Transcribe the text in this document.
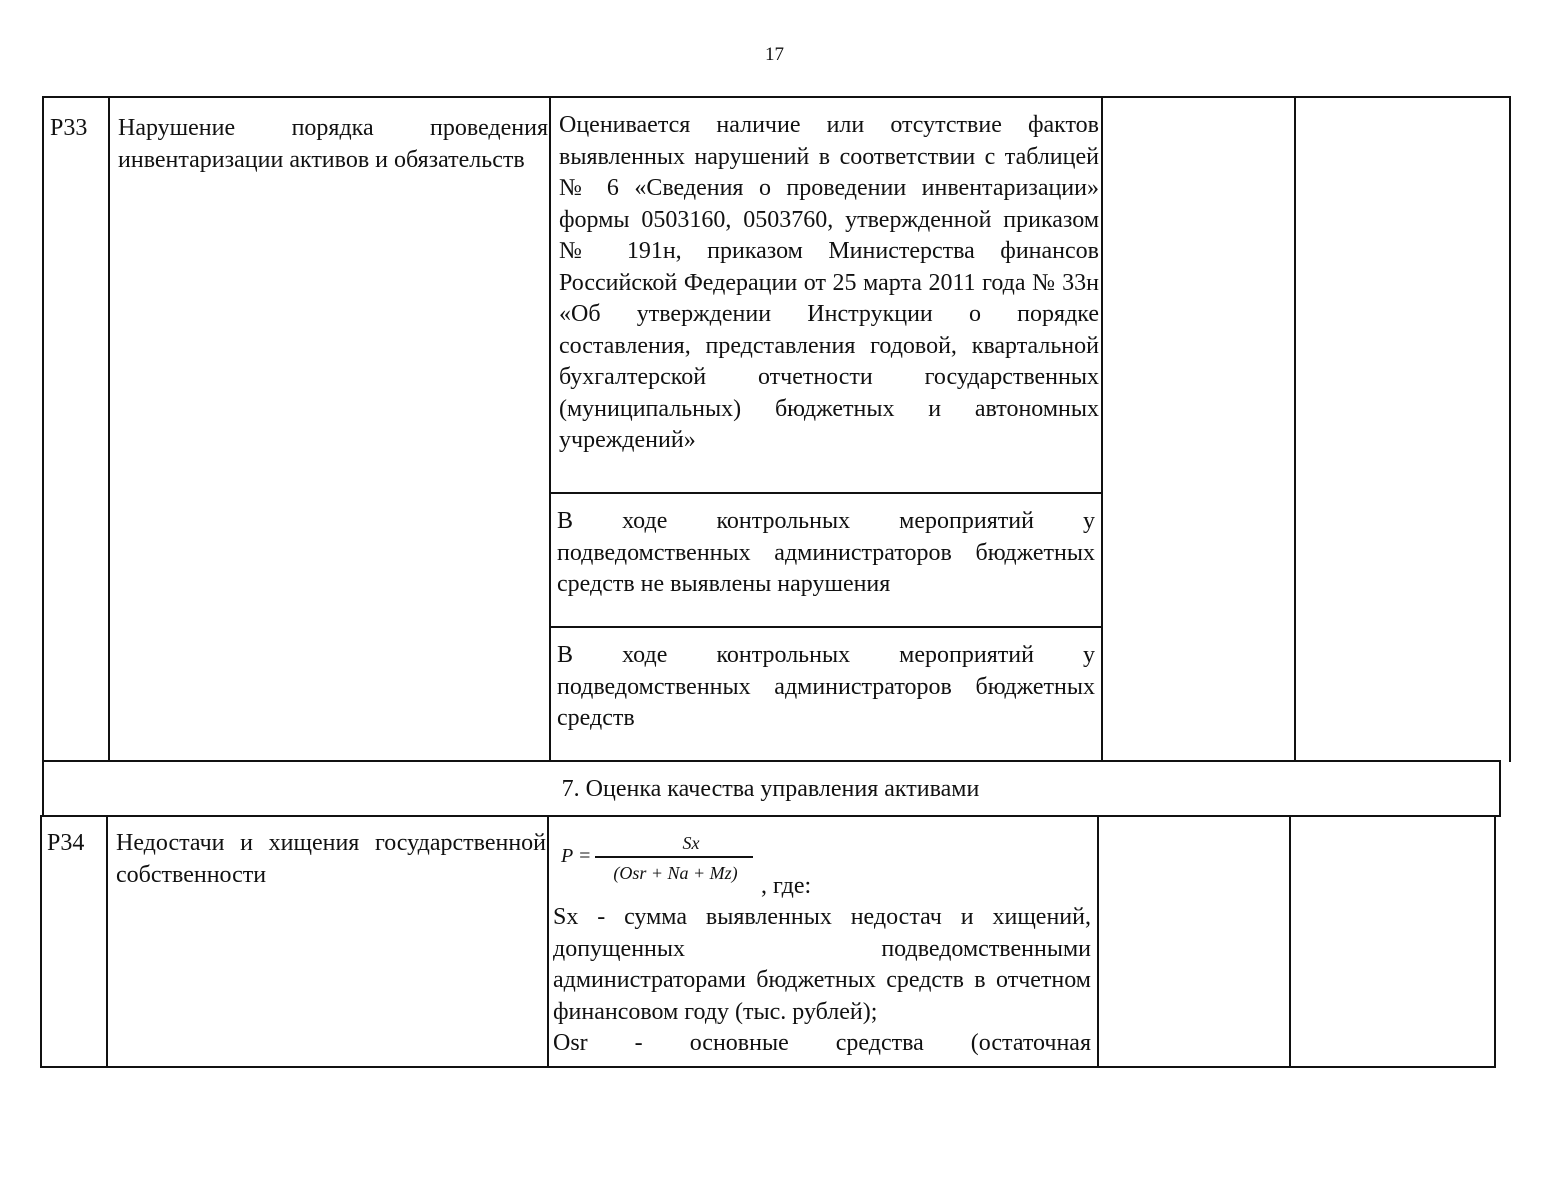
17
Р33 Нарушение порядка проведения инвентаризации активов и обязательств
Оценивается наличие или отсутствие фактов выявленных нарушений в соответствии с таблицей № 6 «Сведения о проведении инвентаризации» формы 0503160, 0503760, утвержденной приказом № 191н, приказом Министерства финансов Российской Федерации от 25 марта 2011 года № 33н «Об утверждении Инструкции о порядке составления, представления годовой, квартальной бухгалтерской отчетности государственных (муниципальных) бюджетных и автономных учреждений»
В ходе контрольных мероприятий у подведомственных администраторов бюджетных средств не выявлены нарушения
В ходе контрольных мероприятий у подведомственных администраторов бюджетных средств
7. Оценка качества управления активами
Р34 Недостачи и хищения государственной собственности
P =
Sx
(Osr + Na + Mz) , где:
Sx - сумма выявленных недостач и хищений, допущенных подведомственными администраторами бюджетных средств в отчетном финансовом году (тыс. рублей);
Osr - основные средства (остаточная
